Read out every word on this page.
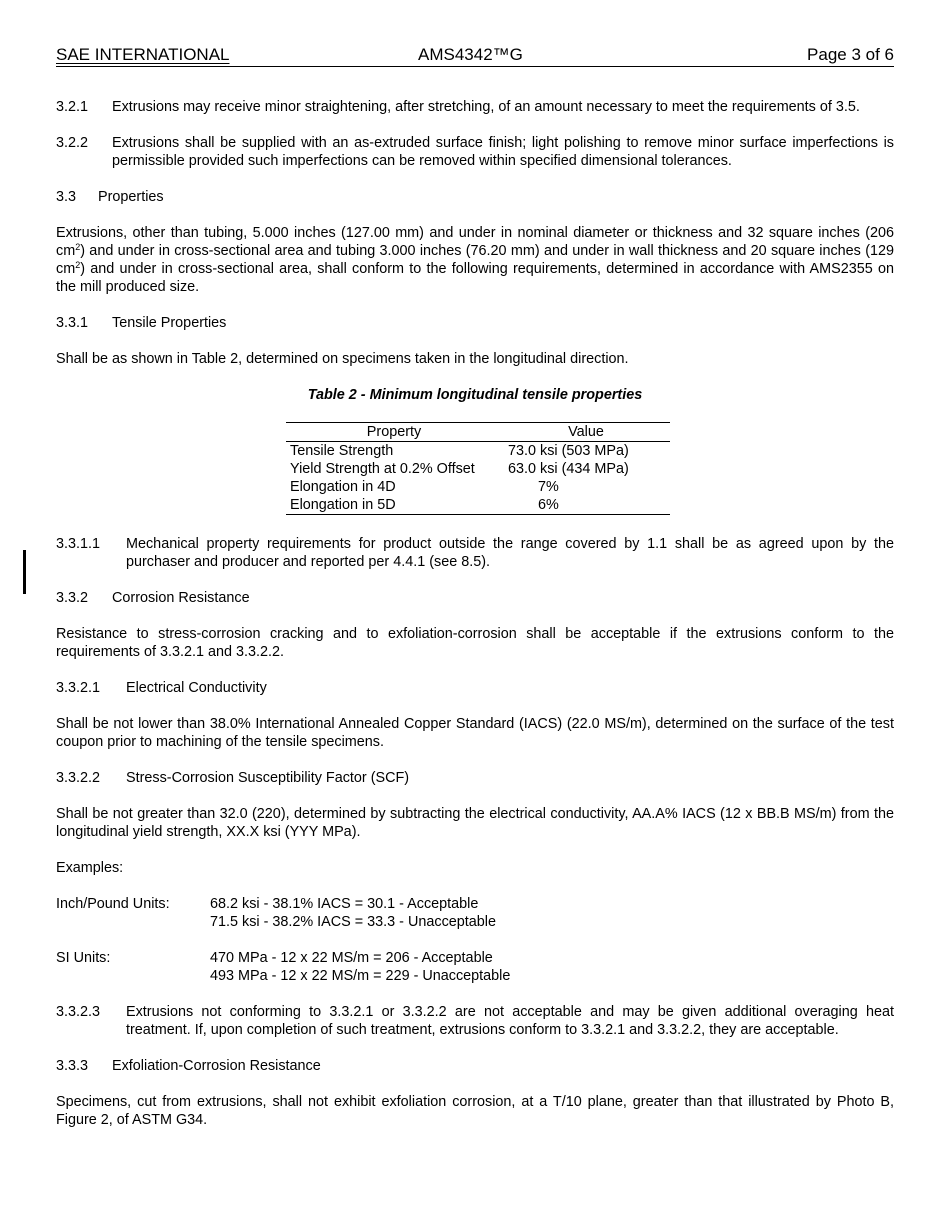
SAE INTERNATIONAL	AMS4342™G	Page 3 of 6
3.2.1	Extrusions may receive minor straightening, after stretching, of an amount necessary to meet the requirements of 3.5.
3.2.2	Extrusions shall be supplied with an as-extruded surface finish; light polishing to remove minor surface imperfections is permissible provided such imperfections can be removed within specified dimensional tolerances.
3.3	Properties

Extrusions, other than tubing, 5.000 inches (127.00 mm) and under in nominal diameter or thickness and 32 square inches (206 $cm^2$) and under in cross-sectional area and tubing 3.000 inches (76.20 mm) and under in wall thickness and 20 square inches (129 $cm^2$) and under in cross-sectional area, shall conform to the following requirements, determined in accordance with AMS2355 on the mill produced size.

3.3.1	Tensile Properties

Shall be as shown in Table 2, determined on specimens taken in the longitudinal direction.

Table 2 - Minimum longitudinal tensile properties

Property	Value
Tensile Strength	73.0 ksi (503 MPa)
Yield Strength at 0.2% Offset	63.0 ksi (434 MPa)
Elongation in 4D	7%
Elongation in 5D	6%
3.3.1.1	Mechanical property requirements for product outside the range covered by 1.1 shall be as agreed upon by the purchaser and producer and reported per 4.4.1 (see 8.5).
3.3.2	Corrosion Resistance

Resistance to stress-corrosion cracking and to exfoliation-corrosion shall be acceptable if the extrusions conform to the requirements of 3.3.2.1 and 3.3.2.2.

3.3.2.1	Electrical Conductivity

Shall be not lower than 38.0% International Annealed Copper Standard (IACS) (22.0 MS/m), determined on the surface of the test coupon prior to machining of the tensile specimens.

3.3.2.2	Stress-Corrosion Susceptibility Factor (SCF)

Shall be not greater than 32.0 (220), determined by subtracting the electrical conductivity, AA.A% IACS (12 x BB.B MS/m) from the longitudinal yield strength, XX.X ksi (YYY MPa).

Examples:

Inch/Pound Units:	68.2 ksi - 38.1% IACS = 30.1 - Acceptable
71.5 ksi - 38.2% IACS = 33.3 - Unacceptable
SI Units:	470 MPa - 12 x 22 MS/m = 206 - Acceptable
493 MPa - 12 x 22 MS/m = 229 - Unacceptable
3.3.2.3	Extrusions not conforming to 3.3.2.1 or 3.3.2.2 are not acceptable and may be given additional overaging heat treatment. If, upon completion of such treatment, extrusions conform to 3.3.2.1 and 3.3.2.2, they are acceptable.
3.3.3	Exfoliation-Corrosion Resistance

Specimens, cut from extrusions, shall not exhibit exfoliation corrosion, at a T/10 plane, greater than that illustrated by Photo B, Figure 2, of ASTM G34.
